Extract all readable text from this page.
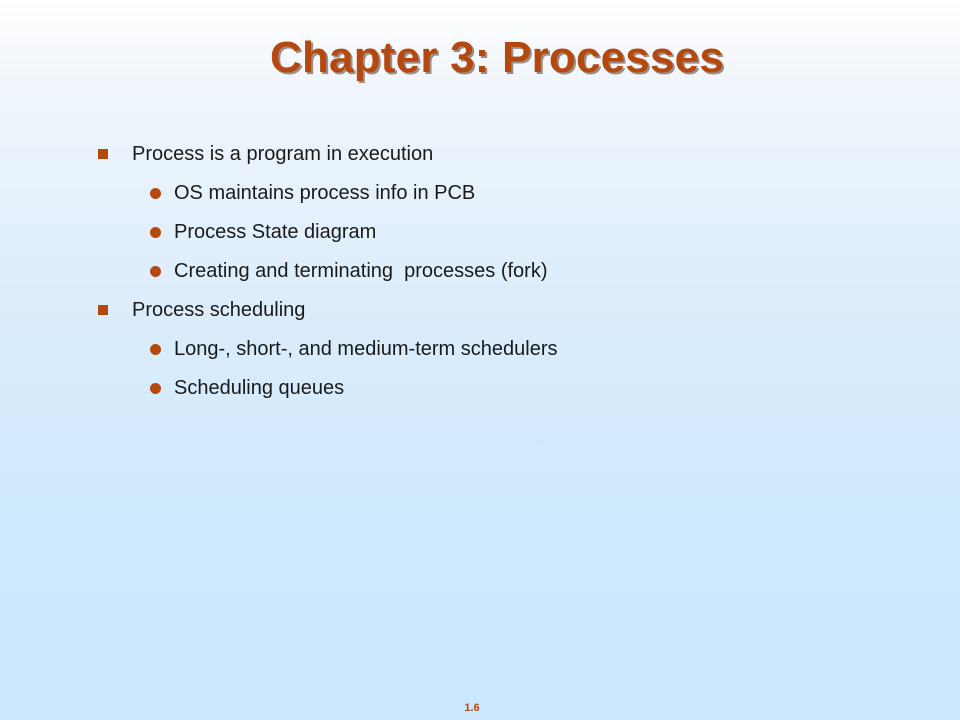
Chapter 3: Processes
Process is a program in execution
OS maintains process info in PCB
Process State diagram
Creating and terminating  processes (fork)
Process scheduling
Long-, short-, and medium-term schedulers
Scheduling queues
1.6
